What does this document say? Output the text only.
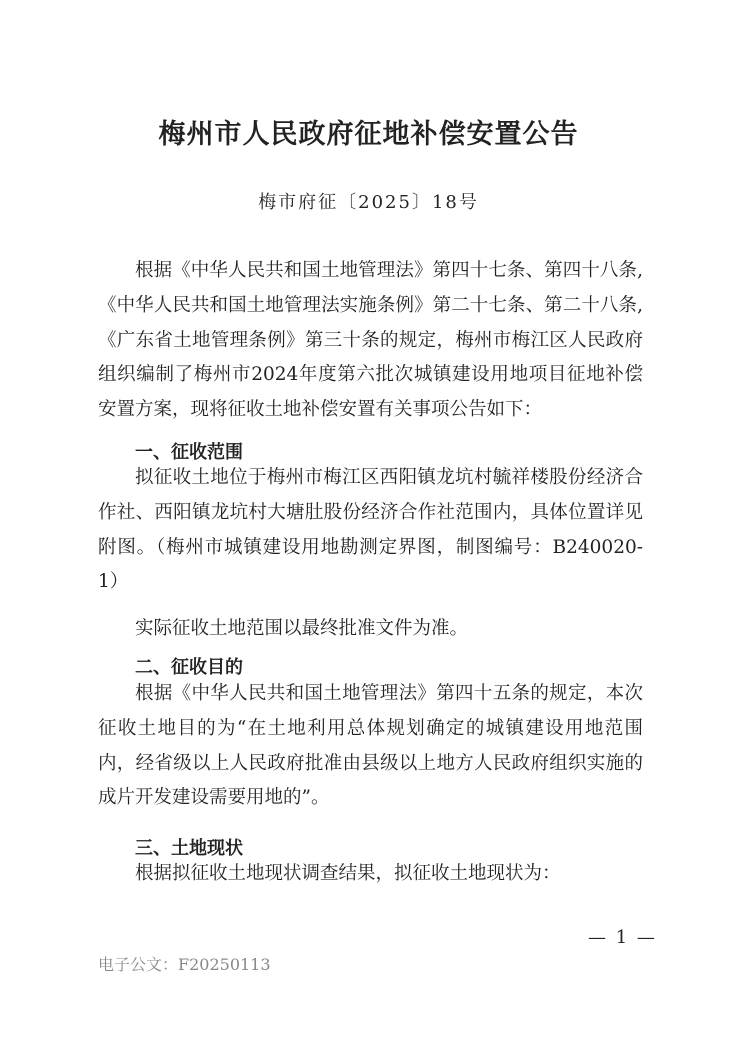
梅州市人民政府征地补偿安置公告
梅市府征〔2025〕18号

根据《中华人民共和国土地管理法》第四十七条、第四十八条,《中华人民共和国土地管理法实施条例》第二十七条、第二十八条,《广东省土地管理条例》第三十条的规定，梅州市梅江区人民政府组织编制了梅州市2024年度第六批次城镇建设用地项目征地补偿安置方案，现将征收土地补偿安置有关事项公告如下：

一、征收范围

拟征收土地位于梅州市梅江区西阳镇龙坑村毓祥楼股份经济合作社、西阳镇龙坑村大塘肚股份经济合作社范围内，具体位置详见附图。（梅州市城镇建设用地勘测定界图，制图编号：B240020-1）

实际征收土地范围以最终批准文件为准。

二、征收目的

根据《中华人民共和国土地管理法》第四十五条的规定，本次征收土地目的为“在土地利用总体规划确定的城镇建设用地范围内，经省级以上人民政府批准由县级以上地方人民政府组织实施的成片开发建设需要用地的”。

三、土地现状

根据拟征收土地现状调查结果，拟征收土地现状为：

— 1 —
电子公文：F20250113
